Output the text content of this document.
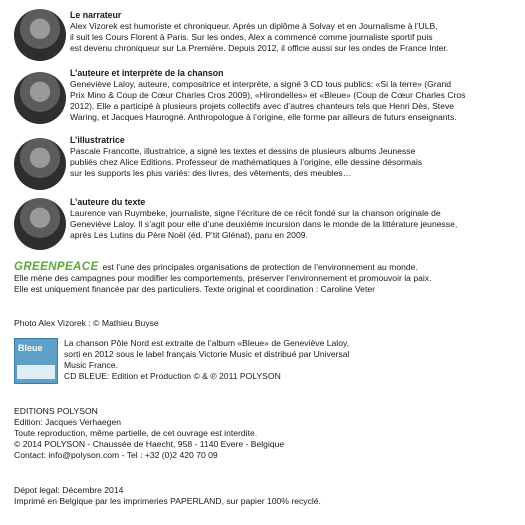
Le narrateur

Alex Vizorek est humoriste et chroniqueur. Après un diplôme à Solvay et en Journalisme à l’ULB,

il suit les Cours Florent à Paris. Sur les ondes, Alex a commencé comme journaliste sportif puis

est devenu chroniqueur sur La Première. Depuis 2012, il officie aussi sur les ondes de France Inter.

L’auteure et interprète de la chanson

Geneviève Laloy, auteure, compositrice et interprète, a signé 3 CD tous publics: «Si la terre» (Grand

Prix Mino & Coup de Cœur Charles Cros 2009), «Hirondelles» et «Bleue» (Coup de Cœur Charles Cros

2012). Elle a participé à plusieurs projets collectifs avec d’autres chanteurs tels que Henri Dès, Steve

Waring, et Jacques Haurogné. Anthropologue à l’origine, elle forme par ailleurs de futurs enseignants.

L’illustratrice

Pascale Francotte, illustratrice, a signé les textes et dessins de plusieurs albums Jeunesse

publiés chez Alice Editions. Professeur de mathématiques à l’origine, elle dessine désormais

sur les supports les plus variés: des livres, des vêtements, des meubles…

L’auteure du texte

Laurence van Ruymbeke, journaliste, signe l’écriture de ce récit fondé sur la chanson originale de

Geneviève Laloy. Il s’agit pour elle d’une deuxième incursion dans le monde de la littérature jeunesse,

après Les Lutins du Père Noël (éd. P’tit Glénat), paru en 2009.

GREENPEACE est l’une des principales organisations de protection de l’environnement au monde.
Elle mène des campagnes pour modifier les comportements, préserver l’environnement et promouvoir la paix.
Elle est uniquement financée par des particuliers. Texte original et coordination : Caroline Veter
Photo Alex Vizorek : © Mathieu Buyse
Bleue La chanson Pôle Nord est extraite de l’album «Bleue» de Geneviève Laloy,

sorti en 2012 sous le label français Victorie Music et distribué par Universal

Music France.

CD BLEUE: Edition et Production © & ℗ 2011 POLYSON

EDITIONS POLYSON

Edition: Jacques Verhaegen

Toute reproduction, même partielle, de cet ouvrage est interdite.

© 2014 POLYSON - Chaussée de Haecht, 958 - 1140 Evere - Belgique

Contact: info@polyson.com - Tel : +32 (0)2 420 70 09

Dépot legal: Décembre 2014

Imprimé en Belgique par les imprimeries PAPERLAND, sur papier 100% recyclé.
